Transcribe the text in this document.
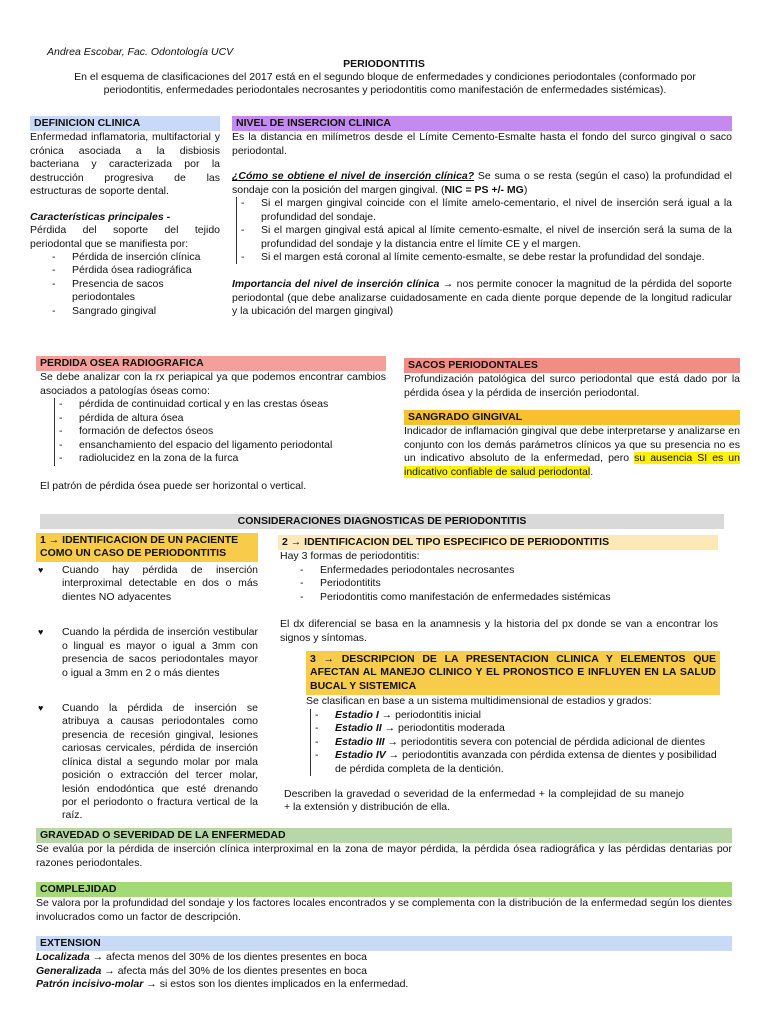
Andrea Escobar, Fac. Odontología UCV
PERIODONTITIS
En el esquema de clasificaciones del 2017 está en el segundo bloque de enfermedades y condiciones periodontales (conformado por periodontitis, enfermedades periodontales necrosantes y periodontitis como manifestación de enfermedades sistémicas).
DEFINICION CLINICA
Enfermedad inflamatoria, multifactorial y crónica asociada a la disbiosis bacteriana y caracterizada por la destrucción progresiva de las estructuras de soporte dental.
Características principales -
Pérdida del soporte del tejido periodontal que se manifiesta por:
- Pérdida de inserción clínica
- Pérdida ósea radiográfica
- Presencia de sacos periodontales
- Sangrado gingival
NIVEL DE INSERCION CLINICA
Es la distancia en milímetros desde el Límite Cemento-Esmalte hasta el fondo del surco gingival o saco periodontal.
¿Cómo se obtiene el nivel de inserción clínica? Se suma o se resta (según el caso) la profundidad el sondaje con la posición del margen gingival. (NIC = PS +/- MG)
- Si el margen gingival coincide con el límite amelo-cementario, el nivel de inserción será igual a la profundidad del sondaje.
- Si el margen gingival está apical al límite cemento-esmalte, el nivel de inserción será la suma de la profundidad del sondaje y la distancia entre el límite CE y el margen.
- Si el margen está coronal al límite cemento-esmalte, se debe restar la profundidad del sondaje.
Importancia del nivel de inserción clínica → nos permite conocer la magnitud de la pérdida del soporte periodontal (que debe analizarse cuidadosamente en cada diente porque depende de la longitud radicular y la ubicación del margen gingival)
PERDIDA OSEA RADIOGRAFICA
Se debe analizar con la rx periapical ya que podemos encontrar cambios asociados a patologías óseas como:
- pérdida de continuidad cortical y en las crestas óseas
- pérdida de altura ósea
- formación de defectos óseos
- ensanchamiento del espacio del ligamento periodontal
- radiolucidez en la zona de la furca
El patrón de pérdida ósea puede ser horizontal o vertical.
SACOS PERIODONTALES
Profundización patológica del surco periodontal que está dado por la pérdida ósea y la pérdida de inserción periodontal.
SANGRADO GINGIVAL
Indicador de inflamación gingival que debe interpretarse y analizarse en conjunto con los demás parámetros clínicos ya que su presencia no es un indicativo absoluto de la enfermedad, pero su ausencia SI es un indicativo confiable de salud periodontal.
CONSIDERACIONES DIAGNOSTICAS DE PERIODONTITIS
1 → IDENTIFICACION DE UN PACIENTE COMO UN CASO DE PERIODONTITIS
♥ Cuando hay pérdida de inserción interproximal detectable en dos o más dientes NO adyacentes
♥ Cuando la pérdida de inserción vestibular o lingual es mayor o igual a 3mm con presencia de sacos periodontales mayor o igual a 3mm en 2 o más dientes
♥ Cuando la pérdida de inserción se atribuya a causas periodontales como presencia de recesión gingival, lesiones cariosas cervicales, pérdida de inserción clínica distal a segundo molar por mala posición o extracción del tercer molar, lesión endodóntica que esté drenando por el periodonto o fractura vertical de la raíz.
2 → IDENTIFICACION DEL TIPO ESPECIFICO DE PERIODONTITIS
Hay 3 formas de periodontitis:
- Enfermedades periodontales necrosantes
- Periodontitits
- Periodontitis como manifestación de enfermedades sistémicas
El dx diferencial se basa en la anamnesis y la historia del px donde se van a encontrar los signos y síntomas.
3 → DESCRIPCION DE LA PRESENTACION CLINICA Y ELEMENTOS QUE AFECTAN AL MANEJO CLINICO Y EL PRONOSTICO E INFLUYEN EN LA SALUD BUCAL Y SISTEMICA
Se clasifican en base a un sistema multidimensional de estadios y grados:
- Estadio I → periodontitis inicial
- Estadio II → periodontitis moderada
- Estadio III → periodontitis severa con potencial de pérdida adicional de dientes
- Estadio IV → periodontitis avanzada con pérdida extensa de dientes y posibilidad de pérdida completa de la dentición.
Describen la gravedad o severidad de la enfermedad + la complejidad de su manejo + la extensión y distribución de ella.
GRAVEDAD O SEVERIDAD DE LA ENFERMEDAD
Se evalúa por la pérdida de inserción clínica interproximal en la zona de mayor pérdida, la pérdida ósea radiográfica y las pérdidas dentarias por razones periodontales.
COMPLEJIDAD
Se valora por la profundidad del sondaje y los factores locales encontrados y se complementa con la distribución de la enfermedad según los dientes involucrados como un factor de descripción.
EXTENSION
Localizada → afecta menos del 30% de los dientes presentes en boca
Generalizada → afecta más del 30% de los dientes presentes en boca
Patrón incisivo-molar → si estos son los dientes implicados en la enfermedad.
